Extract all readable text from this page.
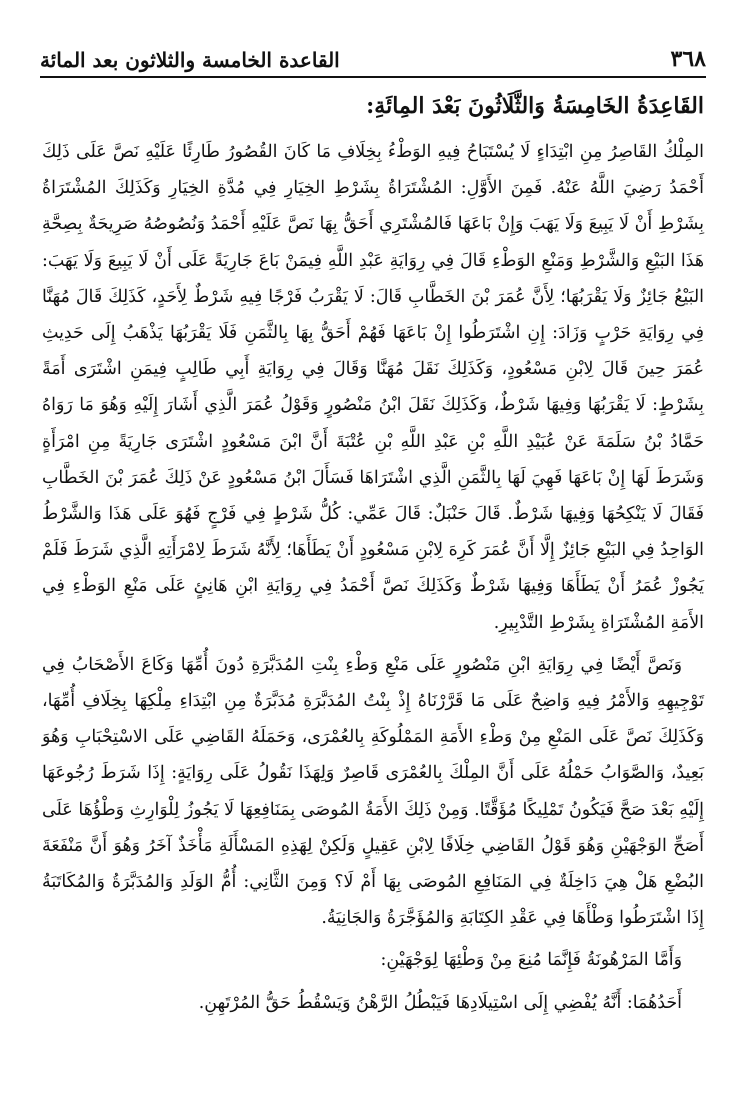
٣٦٨
القاعدة الخامسة والثلاثون بعد المائة
القَاعِدَةُ الخَامِسَةُ وَالثَّلَاثُونَ بَعْدَ المِائَةِ:

المِلْكُ القَاصِرُ مِنِ ابْتِدَاءٍ لَا يُسْتَبَاحُ فِيهِ الوَطْءُ بِخِلَافِ مَا كَانَ القُصُورُ طَارِئًا عَلَيْهِ نَصَّ عَلَى ذَلِكَ أَحْمَدُ رَضِيَ اللَّهُ عَنْهُ. فَمِنَ الأَوَّلِ: المُشْتَرَاةُ بِشَرْطِ الخِيَارِ فِي مُدَّةِ الخِيَارِ وَكَذَلِكَ المُشْتَرَاةُ بِشَرْطِ أَنْ لَا يَبِيعَ وَلَا يَهَبَ وَإِنْ بَاعَهَا فَالمُشْتَرِي أَحَقُّ بِهَا نَصَّ عَلَيْهِ أَحْمَدُ وَنُصُوصُهُ صَرِيحَةٌ بِصِحَّةِ هَذَا البَيْعِ وَالشَّرْطِ وَمَنْعِ الوَطْءِ قَالَ فِي رِوَايَةِ عَبْدِ اللَّهِ فِيمَنْ بَاعَ جَارِيَةً عَلَى أَنْ لَا يَبِيعَ وَلَا يَهَبَ: البَيْعُ جَائِزٌ وَلَا يَقْرَبُهَا؛ لِأَنَّ عُمَرَ بْنَ الخَطَّابِ قَالَ: لَا يَقْرَبُ فَرْجًا فِيهِ شَرْطٌ لِأَحَدٍ، كَذَلِكَ قَالَ مُهَنَّا فِي رِوَايَةِ حَرْبٍ وَزَادَ: إِنِ اشْتَرَطُوا إِنْ بَاعَهَا فَهُمْ أَحَقُّ بِهَا بِالثَّمَنِ فَلَا يَقْرَبُهَا يَذْهَبُ إِلَى حَدِيثِ عُمَرَ حِينَ قَالَ لِابْنِ مَسْعُودٍ، وَكَذَلِكَ نَقَلَ مُهَنَّا وَقَالَ فِي رِوَايَةِ أَبِي طَالِبٍ فِيمَنِ اشْتَرَى أَمَةً بِشَرْطٍ: لَا يَقْرَبُهَا وَفِيهَا شَرْطٌ، وَكَذَلِكَ نَقَلَ ابْنُ مَنْصُورٍ وَقَوْلُ عُمَرَ الَّذِي أَشَارَ إِلَيْهِ وَهُوَ مَا رَوَاهُ حَمَّادُ بْنُ سَلَمَةَ عَنْ عُبَيْدِ اللَّهِ بْنِ عَبْدِ اللَّهِ بْنِ عُتْبَةَ أَنَّ ابْنَ مَسْعُودٍ اشْتَرَى جَارِيَةً مِنِ امْرَأَةٍ وَشَرَطَ لَهَا إِنْ بَاعَهَا فَهِيَ لَهَا بِالثَّمَنِ الَّذِي اشْتَرَاهَا فَسَأَلَ ابْنُ مَسْعُودٍ عَنْ ذَلِكَ عُمَرَ بْنَ الخَطَّابِ فَقَالَ لَا يَنْكِحُهَا وَفِيهَا شَرْطٌ. قَالَ حَنْبَلٌ: قَالَ عَمِّي: كُلُّ شَرْطٍ فِي فَرْجٍ فَهُوَ عَلَى هَذَا وَالشَّرْطُ الوَاحِدُ فِي البَيْعِ جَائِزٌ إِلَّا أَنَّ عُمَرَ كَرِهَ لِابْنِ مَسْعُودٍ أَنْ يَطَأَهَا؛ لِأَنَّهُ شَرَطَ لِامْرَأَتِهِ الَّذِي شَرَطَ فَلَمْ يَجُوزْ عُمَرُ أَنْ يَطَأَهَا وَفِيهَا شَرْطٌ وَكَذَلِكَ نَصَّ أَحْمَدُ فِي رِوَايَةِ ابْنِ هَانِئٍ عَلَى مَنْعِ الوَطْءِ فِي الأَمَةِ المُشْتَرَاةِ بِشَرْطِ التَّدْبِيرِ.

وَنَصَّ أَيْضًا فِي رِوَايَةِ ابْنِ مَنْصُورٍ عَلَى مَنْعِ وَطْءِ بِنْتِ المُدَبَّرَةِ دُونَ أُمِّهَا وَكَاعَ الأَصْحَابُ فِي تَوْجِيهِهِ وَالأَمْرُ فِيهِ وَاضِحٌ عَلَى مَا قَرَّرْنَاهُ إِذْ بِنْتُ المُدَبَّرَةِ مُدَبَّرَةٌ مِنِ ابْتِدَاءِ مِلْكِهَا بِخِلَافِ أُمِّهَا، وَكَذَلِكَ نَصَّ عَلَى المَنْعِ مِنْ وَطْءِ الأَمَةِ المَمْلُوكَةِ بِالعُمْرَى، وَحَمَلَهُ القَاضِي عَلَى الاسْتِحْبَابِ وَهُوَ بَعِيدٌ، وَالصَّوَابُ حَمْلُهُ عَلَى أَنَّ المِلْكَ بِالعُمْرَى قَاصِرٌ وَلِهَذَا نَقُولُ عَلَى رِوَايَةٍ: إِذَا شَرَطَ رُجُوعَهَا إِلَيْهِ بَعْدَ صَحَّ فَيَكُونُ تَمْلِيكًا مُؤَقَّتًا. وَمِنْ ذَلِكَ الأَمَةُ المُوصَى بِمَنَافِعِهَا لَا يَجُوزُ لِلْوَارِثِ وَطْؤُهَا عَلَى أَصَحِّ الوَجْهَيْنِ وَهُوَ قَوْلُ القَاضِي خِلَافًا لِابْنِ عَقِيلٍ وَلَكِنْ لِهَذِهِ المَسْأَلَةِ مَأْخَذٌ آخَرُ وَهُوَ أَنَّ مَنْفَعَةَ البُضْعِ هَلْ هِيَ دَاخِلَةٌ فِي المَنَافِعِ المُوصَى بِهَا أَمْ لَا؟ وَمِنَ الثَّانِي: أُمُّ الوَلَدِ وَالمُدَبَّرَةُ وَالمُكَاتَبَةُ إِذَا اشْتَرَطُوا وَطْأَهَا فِي عَقْدِ الكِتَابَةِ وَالمُؤَجَّرَةُ وَالجَانِيَةُ.

وَأَمَّا المَرْهُونَةُ فَإِنَّمَا مُنِعَ مِنْ وَطْئِهَا لِوَجْهَيْنِ:

أَحَدُهُمَا: أَنَّهُ يُفْضِي إِلَى اسْتِيلَادِهَا فَيَبْطُلُ الرَّهْنُ وَيَسْقُطُ حَقُّ المُرْتَهِنِ.
